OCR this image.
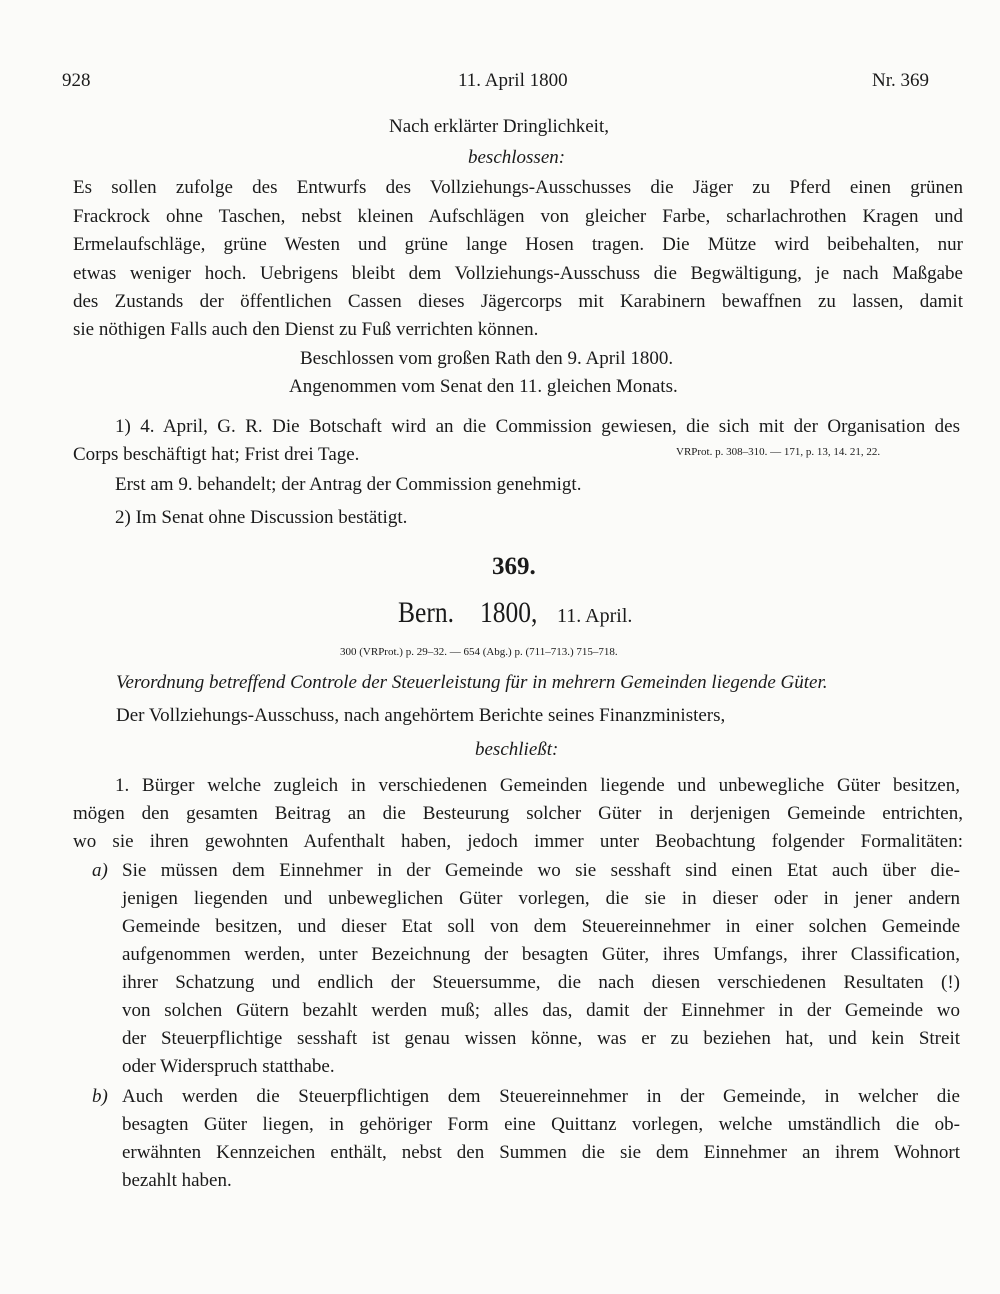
928	11. April 1800	Nr. 369
Nach erklärter Dringlichkeit,
beschlossen:
Es sollen zufolge des Entwurfs des Vollziehungs-Ausschusses die Jäger zu Pferd einen grünen
Frackrock ohne Taschen, nebst kleinen Aufschlägen von gleicher Farbe, scharlachrothen Kragen und
Ermelaufschläge, grüne Westen und grüne lange Hosen tragen. Die Mütze wird beibehalten, nur
etwas weniger hoch. Uebrigens bleibt dem Vollziehungs-Ausschuss die Begwältigung, je nach Maßgabe
des Zustands der öffentlichen Cassen dieses Jägercorps mit Karabinern bewaffnen zu lassen, damit
sie nöthigen Falls auch den Dienst zu Fuß verrichten können.
Beschlossen vom großen Rath den 9. April 1800.
Angenommen vom Senat den 11. gleichen Monats.
1) 4. April, G. R. Die Botschaft wird an die Commission gewiesen, die sich mit der Organisation des
Corps beschäftigt hat; Frist drei Tage.	VRProt. p. 308–310. — 171, p. 13, 14. 21, 22.
Erst am 9. behandelt; der Antrag der Commission genehmigt.
2) Im Senat ohne Discussion bestätigt.
369.
Bern. 1800, 11. April.
300 (VRProt.) p. 29–32. — 654 (Abg.) p. (711–713.) 715–718.
Verordnung betreffend Controle der Steuerleistung für in mehrern Gemeinden liegende Güter.
Der Vollziehungs-Ausschuss, nach angehörtem Berichte seines Finanzministers,
beschließt:
1. Bürger welche zugleich in verschiedenen Gemeinden liegende und unbewegliche Güter besitzen,
mögen den gesamten Beitrag an die Besteurung solcher Güter in derjenigen Gemeinde entrichten,
wo sie ihren gewohnten Aufenthalt haben, jedoch immer unter Beobachtung folgender Formalitäten:
a) Sie müssen dem Einnehmer in der Gemeinde wo sie sesshaft sind einen Etat auch über die-
jenigen liegenden und unbeweglichen Güter vorlegen, die sie in dieser oder in jener andern
Gemeinde besitzen, und dieser Etat soll von dem Steuereinnehmer in einer solchen Gemeinde
aufgenommen werden, unter Bezeichnung der besagten Güter, ihres Umfangs, ihrer Classification,
ihrer Schatzung und endlich der Steuersumme, die nach diesen verschiedenen Resultaten (!)
von solchen Gütern bezahlt werden muß; alles das, damit der Einnehmer in der Gemeinde wo
der Steuerpflichtige sesshaft ist genau wissen könne, was er zu beziehen hat, und kein Streit
oder Widerspruch statthabe.
b) Auch werden die Steuerpflichtigen dem Steuereinnehmer in der Gemeinde, in welcher die
besagten Güter liegen, in gehöriger Form eine Quittanz vorlegen, welche umständlich die ob-
erwähnten Kennzeichen enthält, nebst den Summen die sie dem Einnehmer an ihrem Wohnort
bezahlt haben.
